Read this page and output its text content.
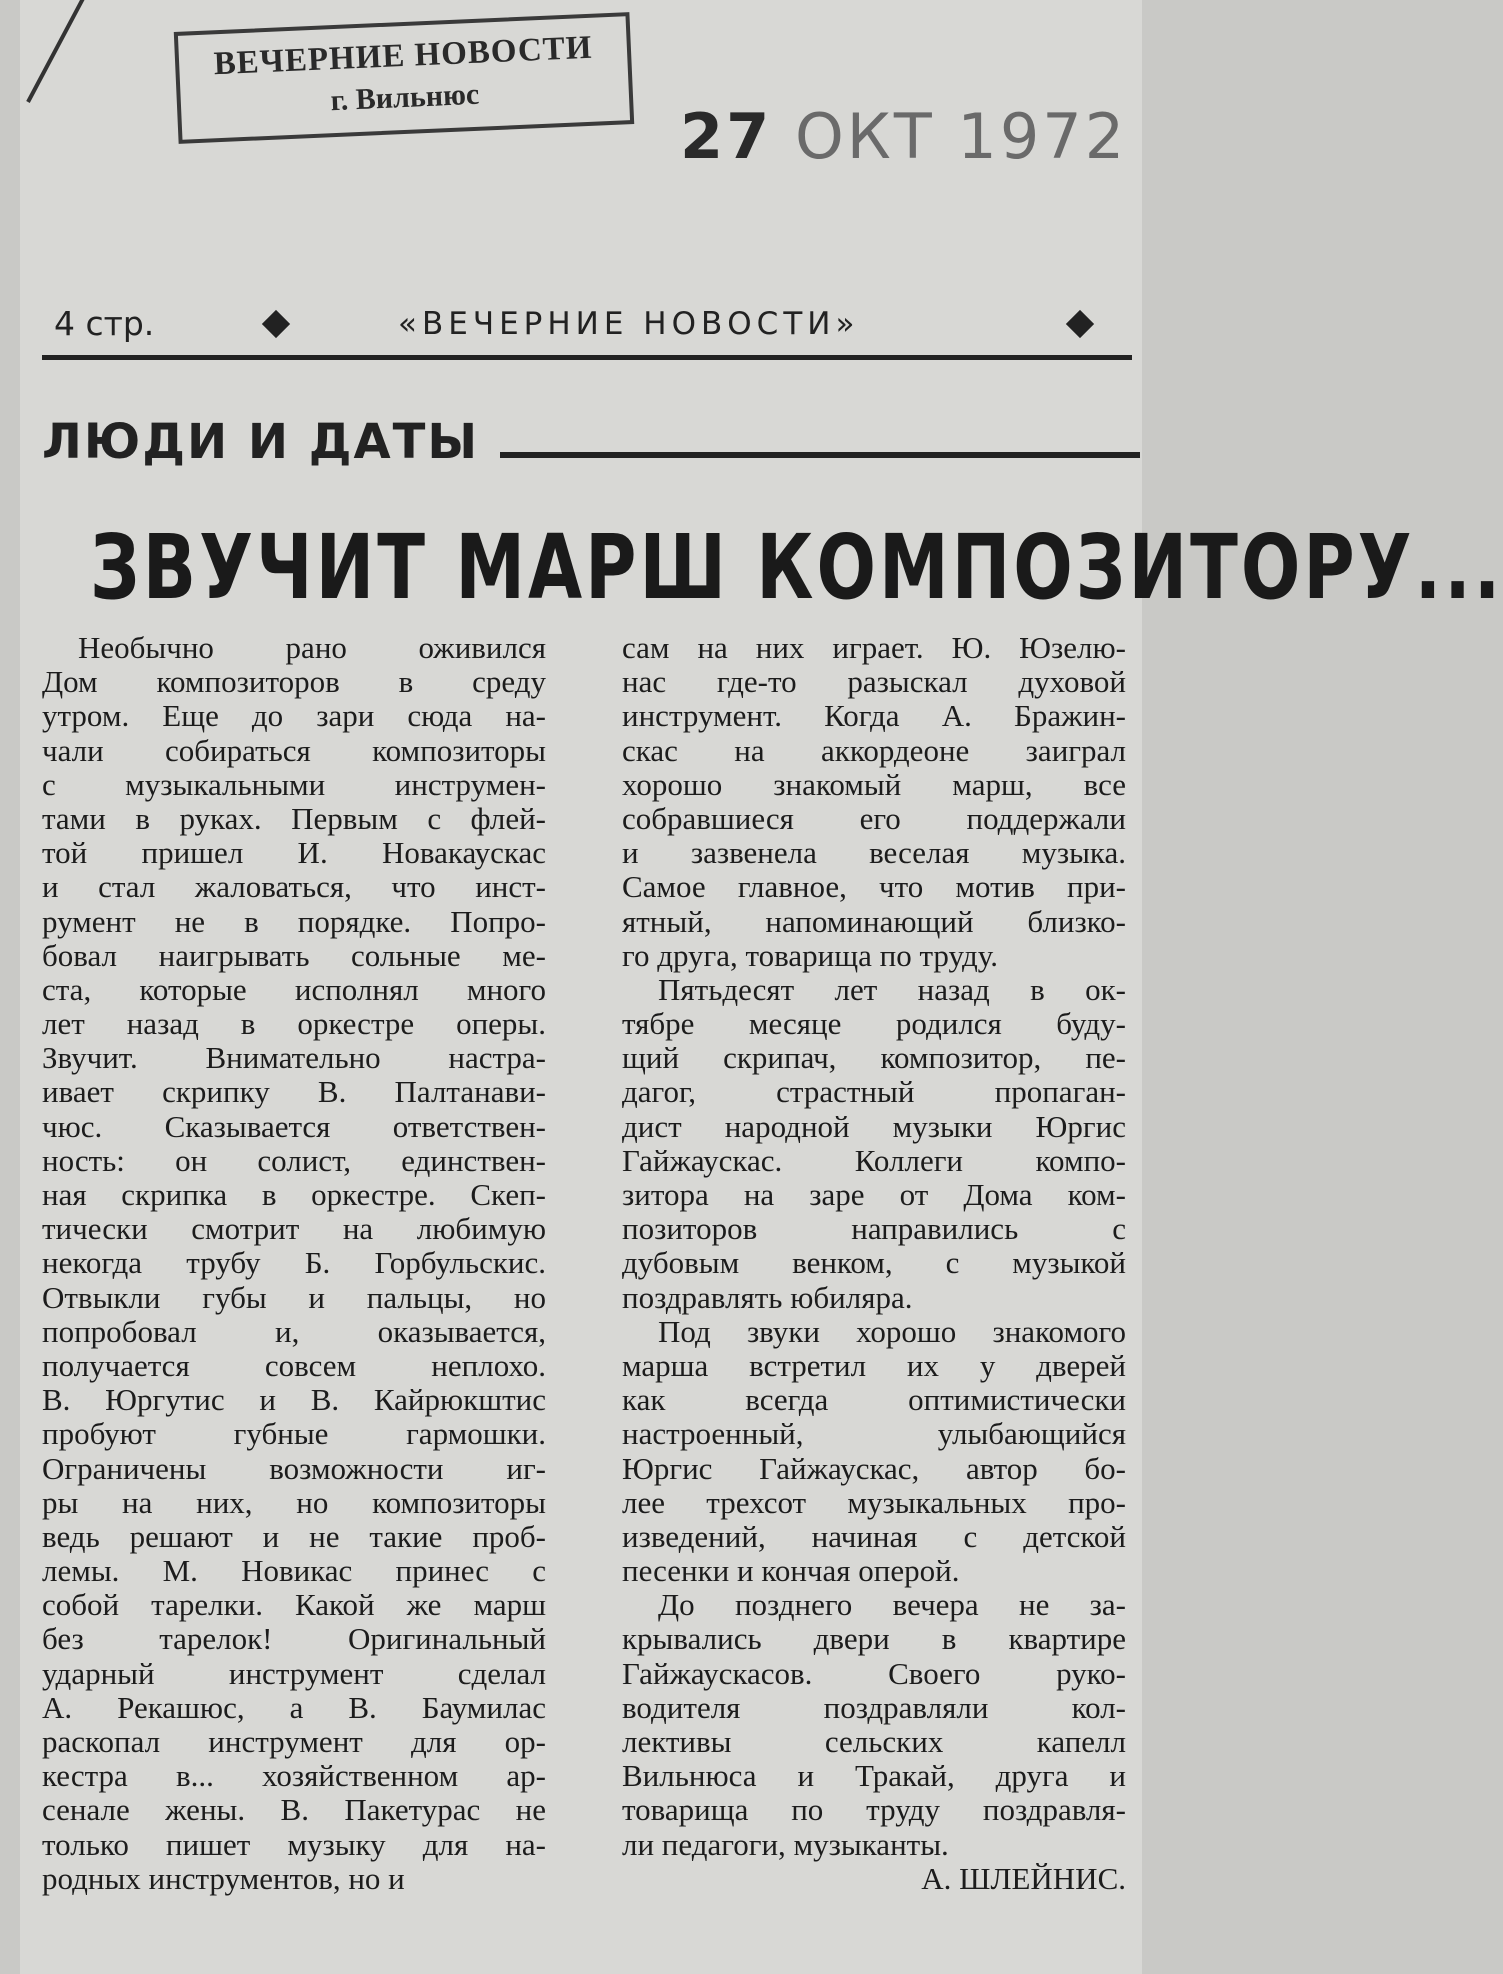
ВЕЧЕРНИЕ НОВОСТИ
г. Вильнюс
27 ОКТ 1972
4 стр.	«ВЕЧЕРНИЕ НОВОСТИ»
ЛЮДИ И ДАТЫ
ЗВУЧИТ МАРШ КОМПОЗИТОРУ...
Необычно рано оживился
Дом композиторов в среду
утром. Еще до зари сюда на-
чали собираться композиторы
с музыкальными инструмен-
тами в руках. Первым с флей-
той пришел И. Новакаускас
и стал жаловаться, что инст-
румент не в порядке. Попро-
бовал наигрывать сольные ме-
ста, которые исполнял много
лет назад в оркестре оперы.
Звучит. Внимательно настра-
ивает скрипку В. Палтанави-
чюс. Сказывается ответствен-
ность: он солист, единствен-
ная скрипка в оркестре. Скеп-
тически смотрит на любимую
некогда трубу Б. Горбульскис.
Отвыкли губы и пальцы, но
попробовал и, оказывается,
получается совсем неплохо.
В. Юргутис и В. Кайрюкштис
пробуют губные гармошки.
Ограничены возможности иг-
ры на них, но композиторы
ведь решают и не такие проб-
лемы. М. Новикас принес с
собой тарелки. Какой же марш
без тарелок! Оригинальный
ударный инструмент сделал
А. Рекашюс, а В. Баумилас
раскопал инструмент для ор-
кестра в... хозяйственном ар-
сенале жены. В. Пакетурас не
только пишет музыку для на-
родных инструментов, но и
сам на них играет. Ю. Юзелю-
нас где-то разыскал духовой
инструмент. Когда А. Бражин-
скас на аккордеоне заиграл
хорошо знакомый марш, все
собравшиеся его поддержали
и зазвенела веселая музыка.
Самое главное, что мотив при-
ятный, напоминающий близко-
го друга, товарища по труду.
Пятьдесят лет назад в ок-
тябре месяце родился буду-
щий скрипач, композитор, пе-
дагог, страстный пропаган-
дист народной музыки Юргис
Гайжаускас. Коллеги компо-
зитора на заре от Дома ком-
позиторов направились с
дубовым венком, с музыкой
поздравлять юбиляра.
Под звуки хорошо знакомого
марша встретил их у дверей
как всегда оптимистически
настроенный, улыбающийся
Юргис Гайжаускас, автор бо-
лее трехсот музыкальных про-
изведений, начиная с детской
песенки и кончая оперой.
До позднего вечера не за-
крывались двери в квартире
Гайжаускасов. Своего руко-
водителя поздравляли кол-
лективы сельских капелл
Вильнюса и Тракай, друга и
товарища по труду поздравля-
ли педагоги, музыканты.
А. ШЛЕЙНИС.
